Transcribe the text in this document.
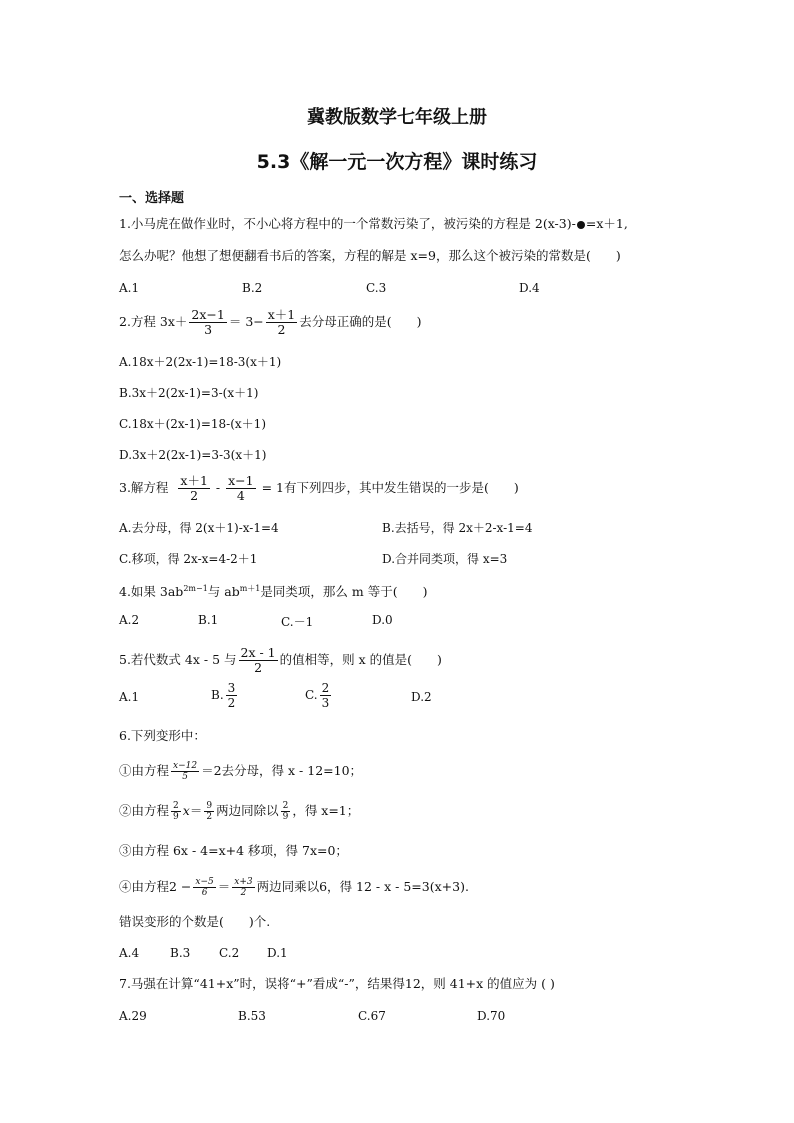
冀教版数学七年级上册
5.3《解一元一次方程》课时练习
一、选择题
1.小马虎在做作业时，不小心将方程中的一个常数污染了，被污染的方程是 2(x-3)- =x＋1,
怎么办呢？他想了想便翻看书后的答案，方程的解是 x=9，那么这个被污染的常数是(　　)
A.1	B.2	C.3	D.4
2.方程 $3x+ \frac{2x-1}{3} = 3- \frac{x+1}{2}$ 去分母正确的是(　　)
A.18x＋2(2x-1)=18-3(x＋1)
B.3x＋2(2x-1)=3-(x＋1)
C.18x＋(2x-1)=18-(x＋1)
D.3x＋2(2x-1)=3-3(x＋1)
3.解方程 $\frac{x+1}{2} - \frac{x-1}{4} = 1$有下列四步，其中发生错误的一步是(　　)
A.去分母，得 2(x＋1)-x-1=4	B.去括号，得 2x＋2-x-1=4
C.移项，得 2x-x=4-2＋1	D.合并同类项，得 x=3
4.如果 $3ab^{2m-1}$与 $ab^{m+1}$是同类项，那么 m 等于(　　)
A.2	B.1	C.－1	D.0
5.若代数式 4x - 5 与 $\frac{2x - 1}{2}$ 的值相等，则 x 的值是(　　)
A.1	B. $\frac{3}{2}$	C. $\frac{2}{3}$	D.2
6.下列变形中：
①由方程 $\frac{x-12}{5} =2$去分母，得 x - 12=10；
②由方程 $\frac{2}{9} x= \frac{9}{2}$ 两边同除以 $\frac{2}{9}$ ，得 x=1；
③由方程 6x - 4=x+4 移项，得 7x=0；
④由方程$2 - \frac{x-5}{6} = \frac{x+3}{2}$ 两边同乘以6，得 12 - x - 5=3(x+3).
错误变形的个数是(　　)个.
A.4	B.3 C.2 D.1
7.马强在计算“41+x”时，误将“+”看成“-”，结果得12，则 41+x 的值应为 ( )
A.29	B.53	C.67	D.70
